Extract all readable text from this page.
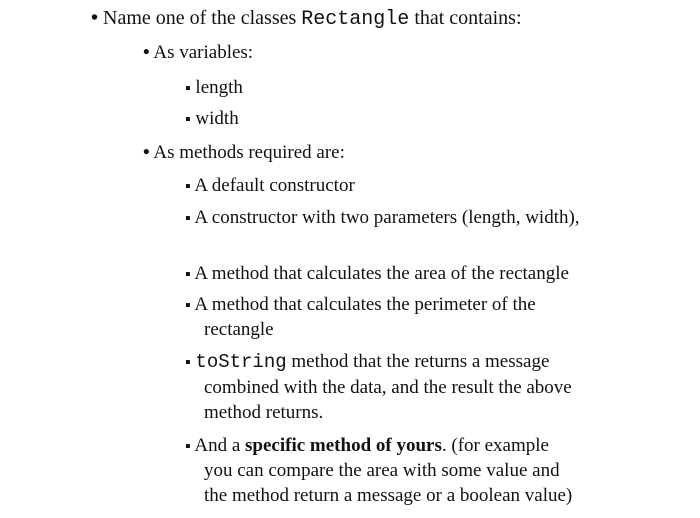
• Name one of the classes Rectangle that contains:
• As variables:
▪ length
▪ width
• As methods required are:
▪ A default constructor
▪ A constructor with two parameters (length, width),
▪ A method that calculates the area of the rectangle
▪ A method that calculates the perimeter of the
rectangle
▪ toString method that the returns a message
combined with the data, and the result the above
method returns.
▪ And a specific method of yours. (for example
you can compare the area with some value and
the method return a message or a boolean value)
